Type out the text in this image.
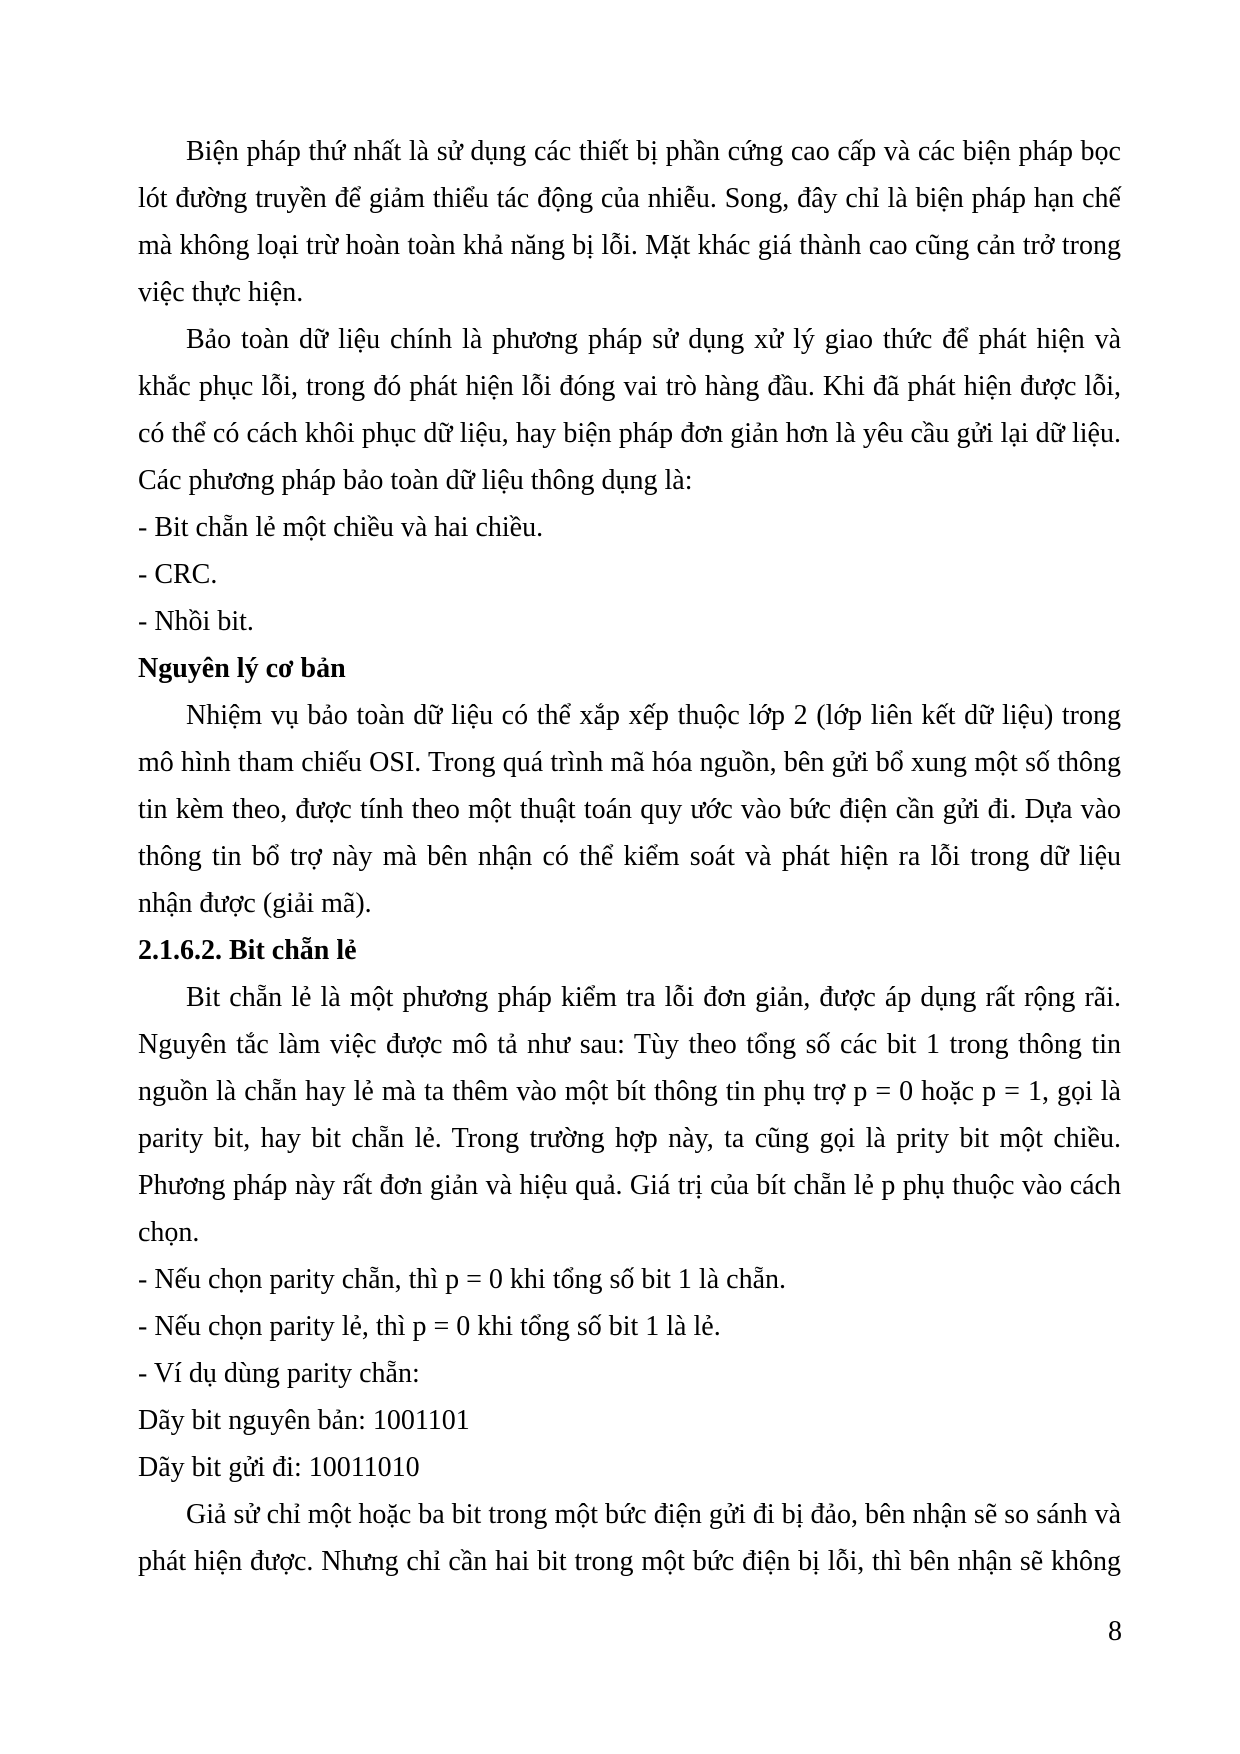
Biện pháp thứ nhất là sử dụng các thiết bị phần cứng cao cấp và các biện pháp bọc lót đường truyền để giảm thiểu tác động của nhiễu. Song, đây chỉ là biện pháp hạn chế mà không loại trừ hoàn toàn khả năng bị lỗi. Mặt khác giá thành cao cũng cản trở trong việc thực hiện.

Bảo toàn dữ liệu chính là phương pháp sử dụng xử lý giao thức để phát hiện và khắc phục lỗi, trong đó phát hiện lỗi đóng vai trò hàng đầu. Khi đã phát hiện được lỗi, có thể có cách khôi phục dữ liệu, hay biện pháp đơn giản hơn là yêu cầu gửi lại dữ liệu. Các phương pháp bảo toàn dữ liệu thông dụng là:

- Bit chẵn lẻ một chiều và hai chiều.

- CRC.

- Nhồi bit.

Nguyên lý cơ bản

Nhiệm vụ bảo toàn dữ liệu có thể xắp xếp thuộc lớp 2 (lớp liên kết dữ liệu) trong mô hình tham chiếu OSI. Trong quá trình mã hóa nguồn, bên gửi bổ xung một số thông tin kèm theo, được tính theo một thuật toán quy ước vào bức điện cần gửi đi. Dựa vào thông tin bổ trợ này mà bên nhận có thể kiểm soát và phát hiện ra lỗi trong dữ liệu nhận được (giải mã).

2.1.6.2. Bit chẵn lẻ

Bit chẵn lẻ là một phương pháp kiểm tra lỗi đơn giản, được áp dụng rất rộng rãi. Nguyên tắc làm việc được mô tả như sau: Tùy theo tổng số các bit 1 trong thông tin nguồn là chẵn hay lẻ mà ta thêm vào một bít thông tin phụ trợ p = 0 hoặc p = 1, gọi là parity bit, hay bit chẵn lẻ. Trong trường hợp này, ta cũng gọi là prity bit một chiều. Phương pháp này rất đơn giản và hiệu quả. Giá trị của bít chẵn lẻ p phụ thuộc vào cách chọn.

- Nếu chọn parity chẵn, thì p = 0 khi tổng số bit 1 là chẵn.

- Nếu chọn parity lẻ, thì p = 0 khi tổng số bit 1 là lẻ.

- Ví dụ dùng parity chẵn:

Dãy bit nguyên bản: 1001101

Dãy bit gửi đi: 10011010

Giả sử chỉ một hoặc ba bit trong một bức điện gửi đi bị đảo, bên nhận sẽ so sánh và phát hiện được. Nhưng chỉ cần hai bit trong một bức điện bị lỗi, thì bên nhận sẽ không

8
